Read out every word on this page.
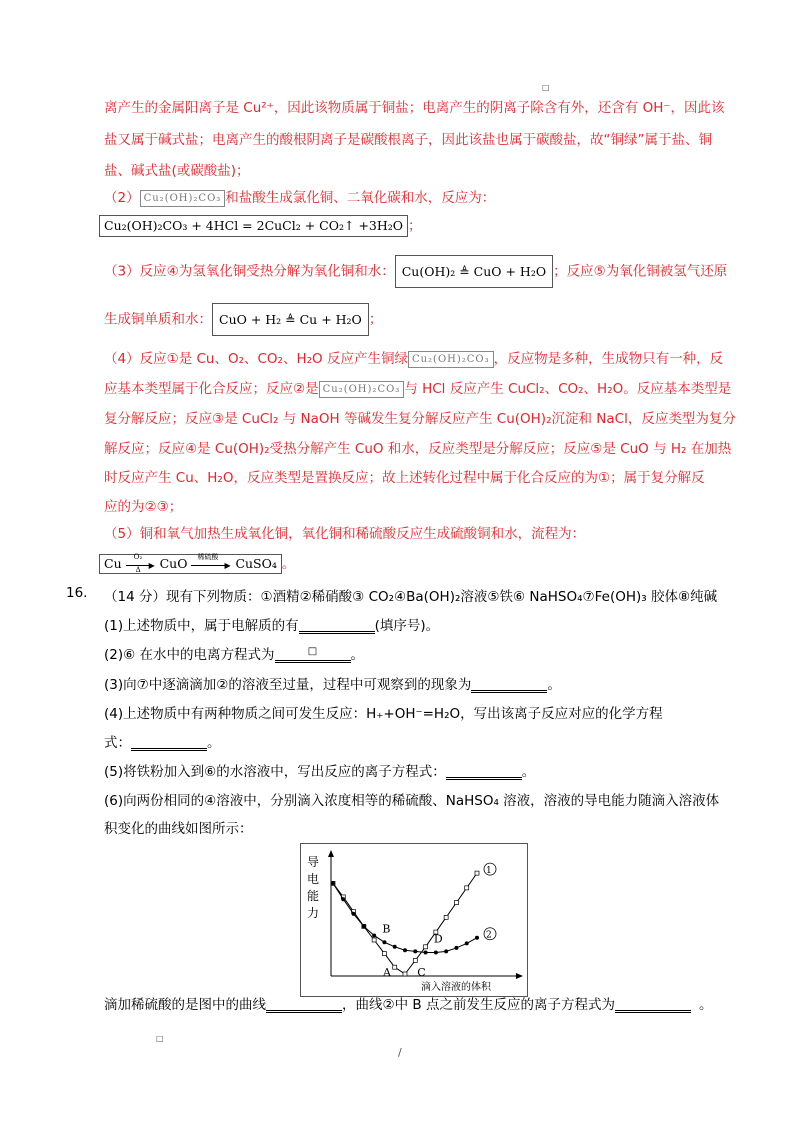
□
离产生的金属阳离子是 Cu²⁺，因此该物质属于铜盐；电离产生的阴离子除含有外，还含有 OH⁻，因此该
盐又属于碱式盐；电离产生的酸根阴离子是碳酸根离子，因此该盐也属于碳酸盐，故“铜绿”属于盐、铜
盐、碱式盐(或碳酸盐)；
（2） Cu₂(OH)₂CO₃ 和盐酸生成氯化铜、二氧化碳和水，反应为：
Cu₂(OH)₂CO₃ + 4HCl = 2CuCl₂ + CO₂↑ +3H₂O ；
（3）反应④为氢氧化铜受热分解为氧化铜和水： Cu(OH)₂ ≜ CuO + H₂O ；反应⑤为氧化铜被氢气还原
生成铜单质和水： CuO + H₂ ≜ Cu + H₂O ；
（4）反应①是 Cu、O₂、CO₂、H₂O 反应产生铜绿 Cu₂(OH)₂CO₃ ，反应物是多种，生成物只有一种，反
应基本类型属于化合反应；反应②是 Cu₂(OH)₂CO₃ 与 HCl 反应产生 CuCl₂、CO₂、H₂O。反应基本类型是
复分解反应；反应③是 CuCl₂ 与 NaOH 等碱发生复分解反应产生 Cu(OH)₂沉淀和 NaCl，反应类型为复分
解反应；反应④是 Cu(OH)₂受热分解产生 CuO 和水，反应类型是分解反应；反应⑤是 CuO 与 H₂ 在加热
时反应产生 Cu、H₂O，反应类型是置换反应；故上述转化过程中属于化合反应的为①；属于复分解反
应的为②③；
（5）铜和氧气加热生成氧化铜，氧化铜和稀硫酸反应生成硫酸铜和水，流程为：
Cu O₂
▶
Δ CuO 稀硫酸
▶ CuSO₄ 。
16. （14 分）现有下列物质：①酒精②稀硝酸③ CO₂④Ba(OH)₂溶液⑤铁⑥ NaHSO₄⑦Fe(OH)₃ 胶体⑧纯碱
(1)上述物质中，属于电解质的有	(填序号)。
(2)⑥ 在水中的电离方程式为	□ 。
(3)向⑦中逐滴滴加②的溶液至过量，过程中可观察到的现象为	。
(4)上述物质中有两种物质之间可发生反应：H₊+OH⁻=H₂O，写出该离子反应对应的化学方程
式：	。
(5)将铁粉加入到⑥的水溶液中，写出反应的离子方程式：	。
(6)向两份相同的④溶液中，分别滴入浓度相等的稀硫酸、NaHSO₄ 溶液，溶液的导电能力随滴入溶液体
积变化的曲线如图所示：
导
电
能
力
1
2
A
B
C
D
滴入溶液的体积
滴加稀硫酸的是图中的曲线	，曲线②中 B 点之前发生反应的离子方程式为	。
□
/
